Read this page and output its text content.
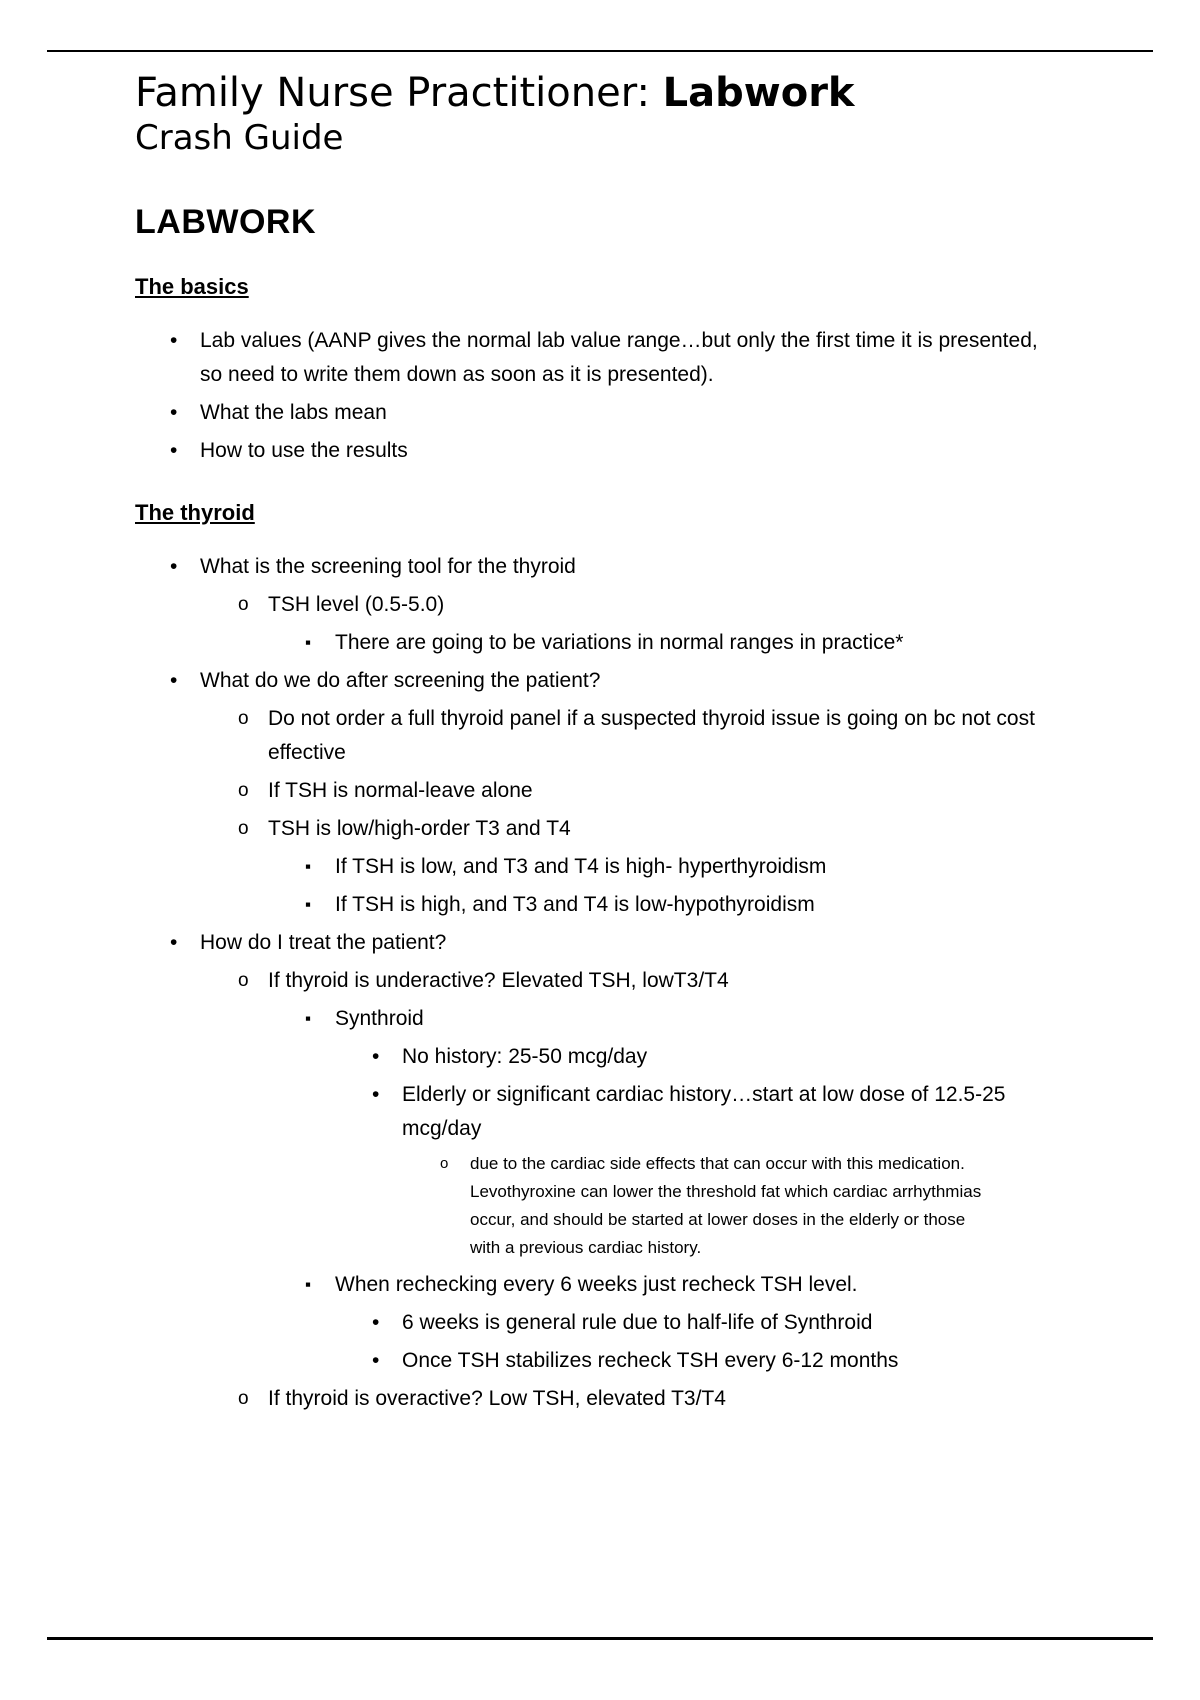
Family Nurse Practitioner: Labwork
Crash Guide
LABWORK
The basics
•	Lab values (AANP gives the normal lab value range…but only the first time it is presented, so need to write them down as soon as it is presented).
•	What the labs mean
•	How to use the results
The thyroid
•	What is the screening tool for the thyroid
o TSH level (0.5-5.0)
▪	There are going to be variations in normal ranges in practice*
•	What do we do after screening the patient?
o Do not order a full thyroid panel if a suspected thyroid issue is going on bc not cost effective
o If TSH is normal-leave alone
o TSH is low/high-order T3 and T4
▪	If TSH is low, and T3 and T4 is high- hyperthyroidism
▪	If TSH is high, and T3 and T4 is low-hypothyroidism
•	How do I treat the patient?
o If thyroid is underactive? Elevated TSH, lowT3/T4
▪	Synthroid
•	No history: 25-50 mcg/day
•	Elderly or significant cardiac history…start at low dose of 12.5-25 mcg/day
o	due to the cardiac side effects that can occur with this medication. Levothyroxine can lower the threshold fat which cardiac arrhythmias occur, and should be started at lower doses in the elderly or those with a previous cardiac history.
▪	When rechecking every 6 weeks just recheck TSH level.
•	6 weeks is general rule due to half-life of Synthroid
•	Once TSH stabilizes recheck TSH every 6-12 months
o If thyroid is overactive? Low TSH, elevated T3/T4
